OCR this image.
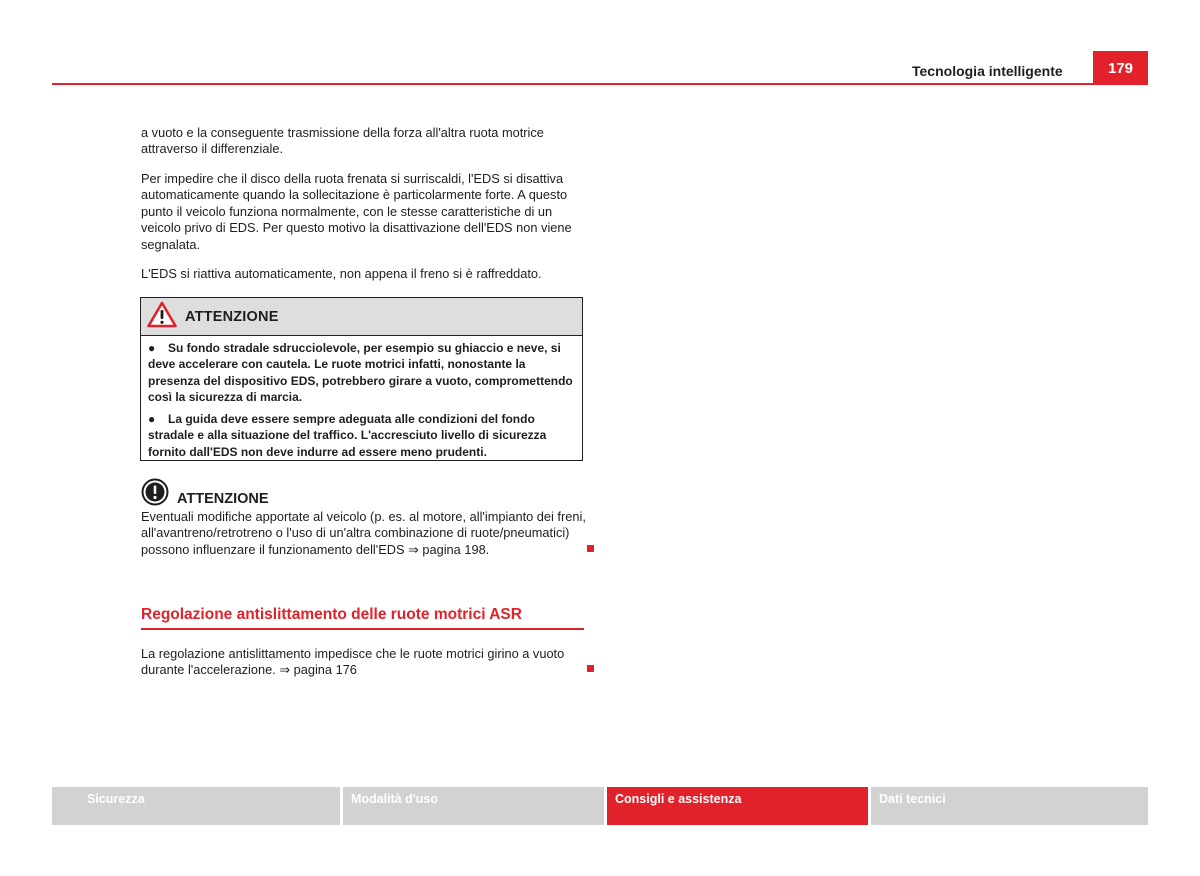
Tecnologia intelligente	179

a vuoto e la conseguente trasmissione della forza all'altra ruota motrice attraverso il differenziale.

Per impedire che il disco della ruota frenata si surriscaldi, l'EDS si disattiva automaticamente quando la sollecitazione è particolarmente forte. A questo punto il veicolo funziona normalmente, con le stesse caratteristiche di un veicolo privo di EDS. Per questo motivo la disattivazione dell'EDS non viene segnalata.

L'EDS si riattiva automaticamente, non appena il freno si è raffreddato.

ATTENZIONE

● Su fondo stradale sdrucciolevole, per esempio su ghiaccio e neve, si deve accelerare con cautela. Le ruote motrici infatti, nonostante la presenza del dispositivo EDS, potrebbero girare a vuoto, compromettendo così la sicurezza di marcia.

● La guida deve essere sempre adeguata alle condizioni del fondo stradale e alla situazione del traffico. L'accresciuto livello di sicurezza fornito dall'EDS non deve indurre ad essere meno prudenti.

ATTENZIONE

Eventuali modifiche apportate al veicolo (p. es. al motore, all'impianto dei freni, all'avantreno/retrotreno o l'uso di un'altra combinazione di ruote/pneumatici) possono influenzare il funzionamento dell'EDS ⇒ pagina 198.

Regolazione antislittamento delle ruote motrici ASR

La regolazione antislittamento impedisce che le ruote motrici girino a vuoto durante l'accelerazione. ⇒ pagina 176

Sicurezza	Modalità d'uso	Consigli e assistenza	Dati tecnici
